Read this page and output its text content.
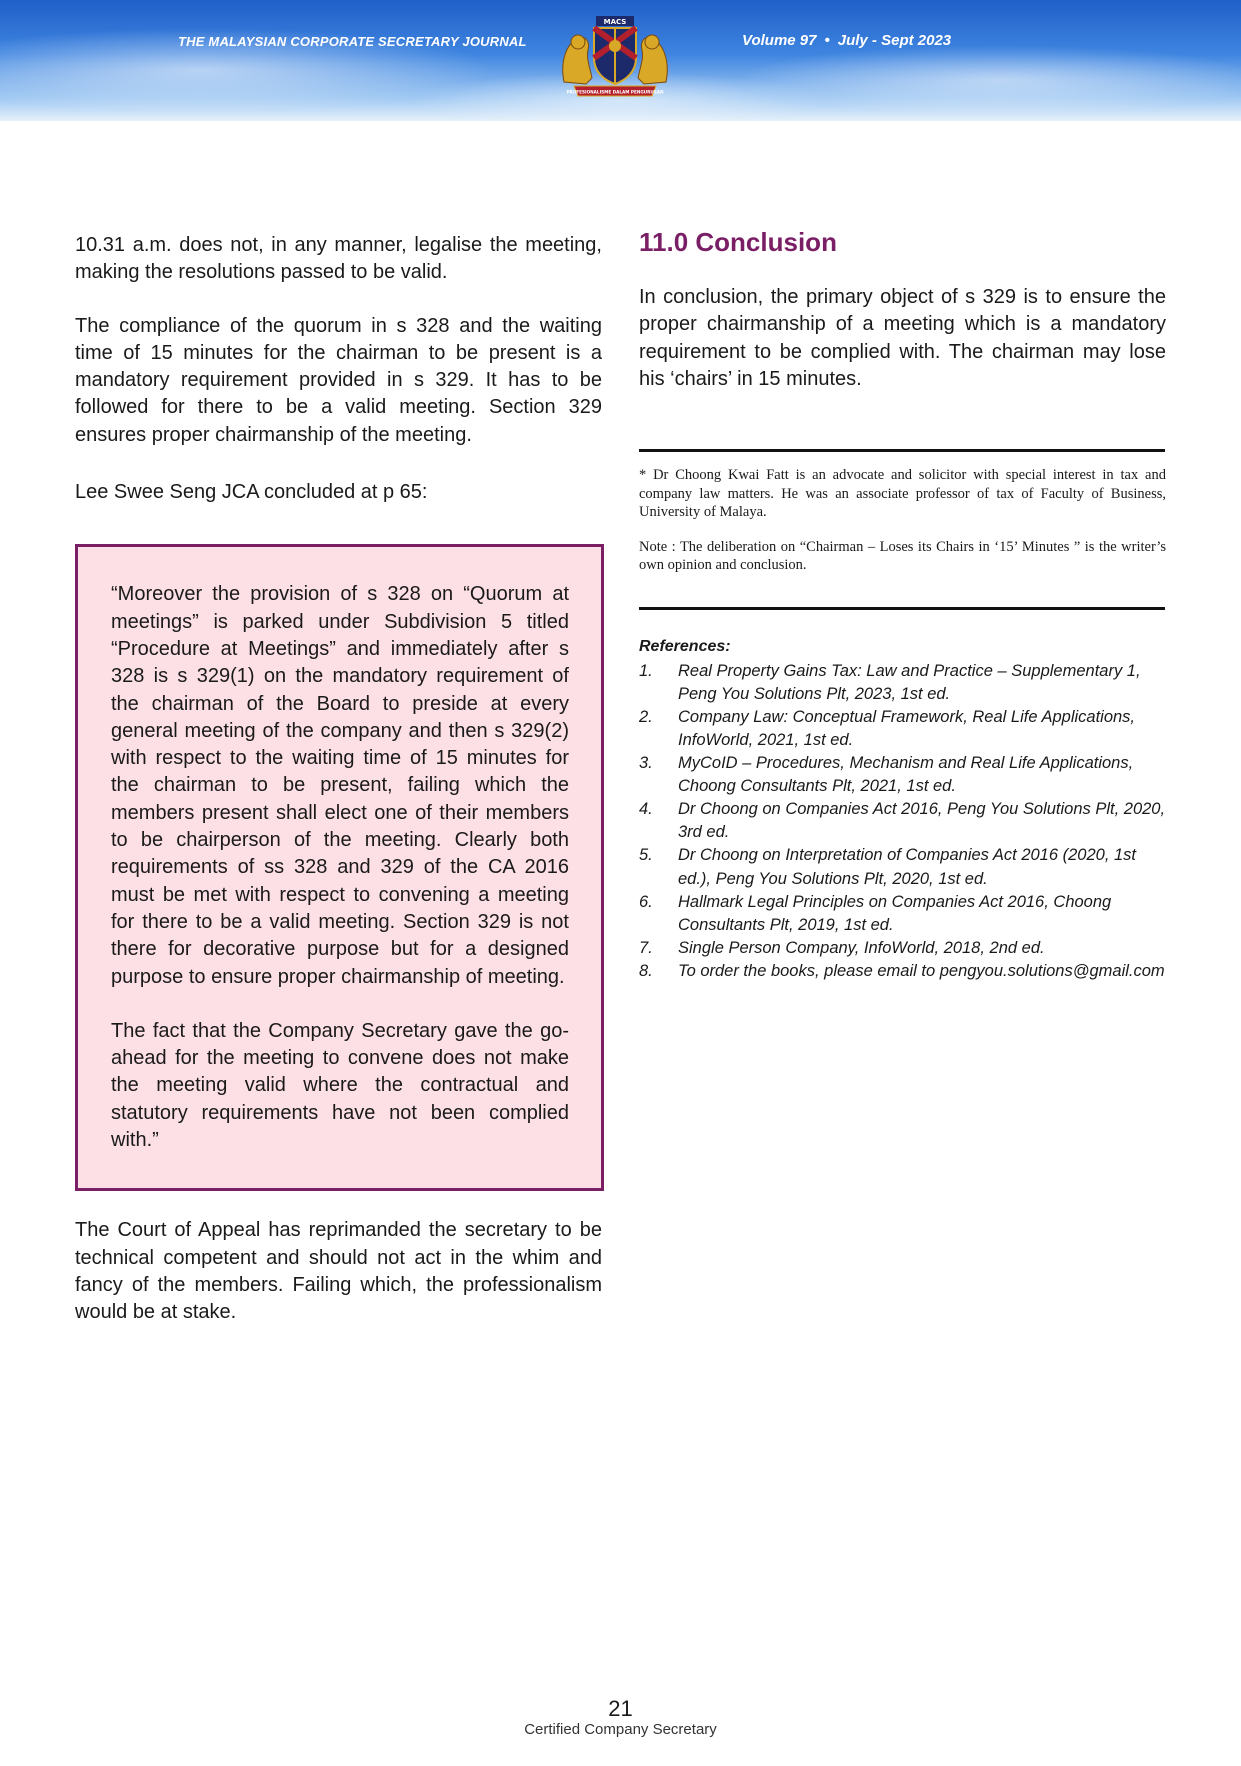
THE MALAYSIAN CORPORATE SECRETARY JOURNAL
MACS
PROFESIONALISME DALAM PENGURUSAN
Volume 97 • July - Sept 2023

10.31 a.m. does not, in any manner, legalise the meeting, making the resolutions passed to be valid.

The compliance of the quorum in s 328 and the waiting time of 15 minutes for the chairman to be present is a mandatory requirement provided in s 329. It has to be followed for there to be a valid meeting. Section 329 ensures proper chairmanship of the meeting.

Lee Swee Seng JCA concluded at p 65:

“Moreover the provision of s 328 on “Quorum at meetings” is parked under Subdivision 5 titled “Procedure at Meetings” and immediately after s 328 is s 329(1) on the mandatory requirement of the chairman of the Board to preside at every general meeting of the company and then s 329(2) with respect to the waiting time of 15 minutes for the chairman to be present, failing which the members present shall elect one of their members to be chairperson of the meeting. Clearly both requirements of ss 328 and 329 of the CA 2016 must be met with respect to convening a meeting for there to be a valid meeting. Section 329 is not there for decorative purpose but for a designed purpose to ensure proper chairmanship of meeting.

The fact that the Company Secretary gave the go-ahead for the meeting to convene does not make the meeting valid where the contractual and statutory requirements have not been complied with.”

The Court of Appeal has reprimanded the secretary to be technical competent and should not act in the whim and fancy of the members. Failing which, the professionalism would be at stake.

11.0 Conclusion

In conclusion, the primary object of s 329 is to ensure the proper chairmanship of a meeting which is a mandatory requirement to be complied with. The chairman may lose his ‘chairs’ in 15 minutes.

* Dr Choong Kwai Fatt is an advocate and solicitor with special interest in tax and company law matters. He was an associate professor of tax of Faculty of Business, University of Malaya.

Note : The deliberation on “Chairman – Loses its Chairs in ‘15’ Minutes ” is the writer’s own opinion and conclusion.

References:
1.	Real Property Gains Tax: Law and Practice – Supplementary 1, Peng You Solutions Plt, 2023, 1st ed.
2.	Company Law: Conceptual Framework, Real Life Applications, InfoWorld, 2021, 1st ed.
3.	MyCoID – Procedures, Mechanism and Real Life Applications, Choong Consultants Plt, 2021, 1st ed.
4.	Dr Choong on Companies Act 2016, Peng You Solutions Plt, 2020, 3rd ed.
5.	Dr Choong on Interpretation of Companies Act 2016 (2020, 1st ed.), Peng You Solutions Plt, 2020, 1st ed.
6.	Hallmark Legal Principles on Companies Act 2016, Choong Consultants Plt, 2019, 1st ed.
7.	Single Person Company, InfoWorld, 2018, 2nd ed.
8.	To order the books, please email to pengyou.solutions@gmail.com
21
Certified Company Secretary
